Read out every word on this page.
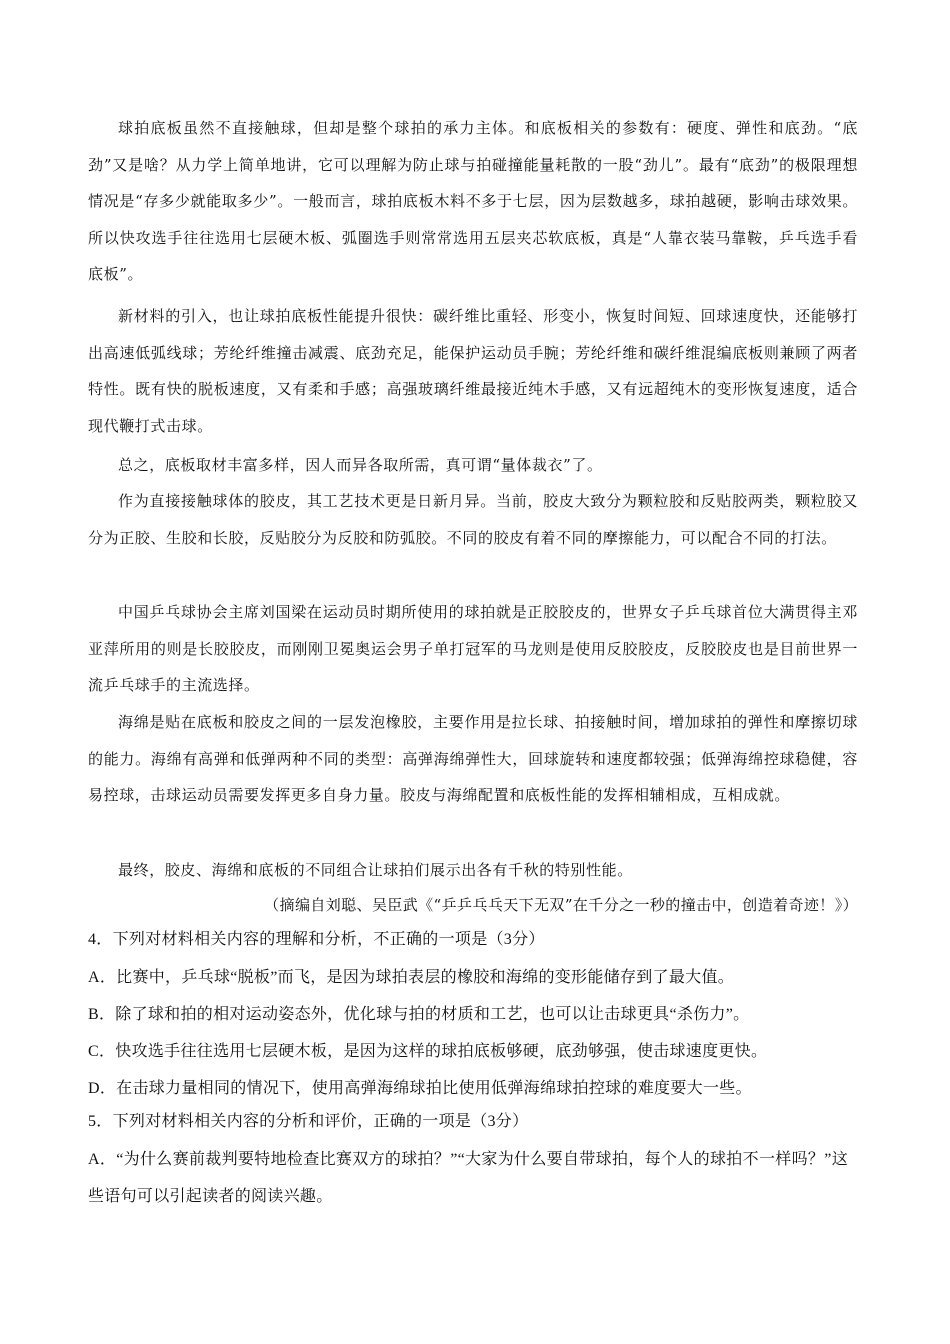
球拍底板虽然不直接触球，但却是整个球拍的承力主体。和底板相关的参数有：硬度、弹性和底劲。“底劲”又是啥？从力学上简单地讲，它可以理解为防止球与拍碰撞能量耗散的一股“劲儿”。最有“底劲”的极限理想情况是“存多少就能取多少”。一般而言，球拍底板木料不多于七层，因为层数越多，球拍越硬，影响击球效果。所以快攻选手往往选用七层硬木板、弧圈选手则常常选用五层夹芯软底板，真是“人靠衣装马靠鞍，乒乓选手看底板”。

新材料的引入，也让球拍底板性能提升很快：碳纤维比重轻、形变小，恢复时间短、回球速度快，还能够打出高速低弧线球；芳纶纤维撞击减震、底劲充足，能保护运动员手腕；芳纶纤维和碳纤维混编底板则兼顾了两者特性。既有快的脱板速度，又有柔和手感；高强玻璃纤维最接近纯木手感，又有远超纯木的变形恢复速度，适合现代鞭打式击球。

总之，底板取材丰富多样，因人而异各取所需，真可谓“量体裁衣”了。

作为直接接触球体的胶皮，其工艺技术更是日新月异。当前，胶皮大致分为颗粒胶和反贴胶两类，颗粒胶又分为正胶、生胶和长胶，反贴胶分为反胶和防弧胶。不同的胶皮有着不同的摩擦能力，可以配合不同的打法。

中国乒乓球协会主席刘国梁在运动员时期所使用的球拍就是正胶胶皮的，世界女子乒乓球首位大满贯得主邓亚萍所用的则是长胶胶皮，而刚刚卫冕奥运会男子单打冠军的马龙则是使用反胶胶皮，反胶胶皮也是目前世界一流乒乓球手的主流选择。

海绵是贴在底板和胶皮之间的一层发泡橡胶，主要作用是拉长球、拍接触时间，增加球拍的弹性和摩擦切球的能力。海绵有高弹和低弹两种不同的类型：高弹海绵弹性大，回球旋转和速度都较强；低弹海绵控球稳健，容易控球，击球运动员需要发挥更多自身力量。胶皮与海绵配置和底板性能的发挥相辅相成，互相成就。

最终，胶皮、海绵和底板的不同组合让球拍们展示出各有千秋的特别性能。

（摘编自刘聪、吴臣武《“乒乒乓乓天下无双”在千分之一秒的撞击中，创造着奇迹！》）

4．下列对材料相关内容的理解和分析，不正确的一项是（3分）

A．比赛中，乒乓球“脱板”而飞，是因为球拍表层的橡胶和海绵的变形能储存到了最大值。

B．除了球和拍的相对运动姿态外，优化球与拍的材质和工艺，也可以让击球更具“杀伤力”。

C．快攻选手往往选用七层硬木板，是因为这样的球拍底板够硬，底劲够强，使击球速度更快。

D．在击球力量相同的情况下，使用高弹海绵球拍比使用低弹海绵球拍控球的难度要大一些。

5．下列对材料相关内容的分析和评价，正确的一项是（3分）

A．“为什么赛前裁判要特地检查比赛双方的球拍？”“大家为什么要自带球拍，每个人的球拍不一样吗？”这些语句可以引起读者的阅读兴趣。
